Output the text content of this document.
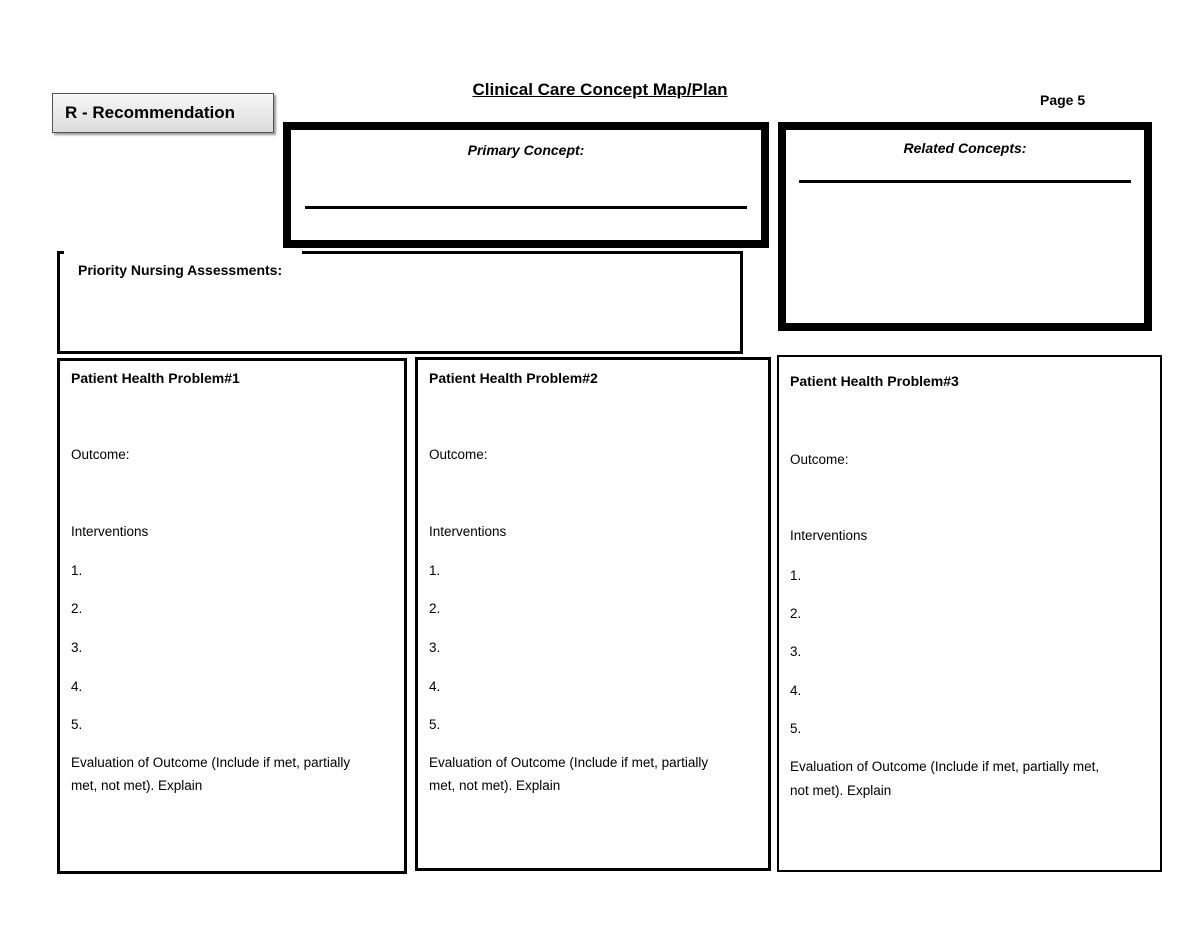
R - Recommendation
Clinical Care Concept Map/Plan
Page 5
Primary Concept:	Related Concepts:
Priority Nursing Assessments:
Patient Health Problem#1
Outcome:
Interventions
1.
2.
3.
4.
5.
Evaluation of Outcome (Include if met, partially
met, not met). Explain
Patient Health Problem#2
Outcome:
Interventions
1.
2.
3.
4.
5.
Evaluation of Outcome (Include if met, partially
met, not met). Explain
Patient Health Problem#3
Outcome:
Interventions
1.
2.
3.
4.
5.
Evaluation of Outcome (Include if met, partially met,
not met). Explain
